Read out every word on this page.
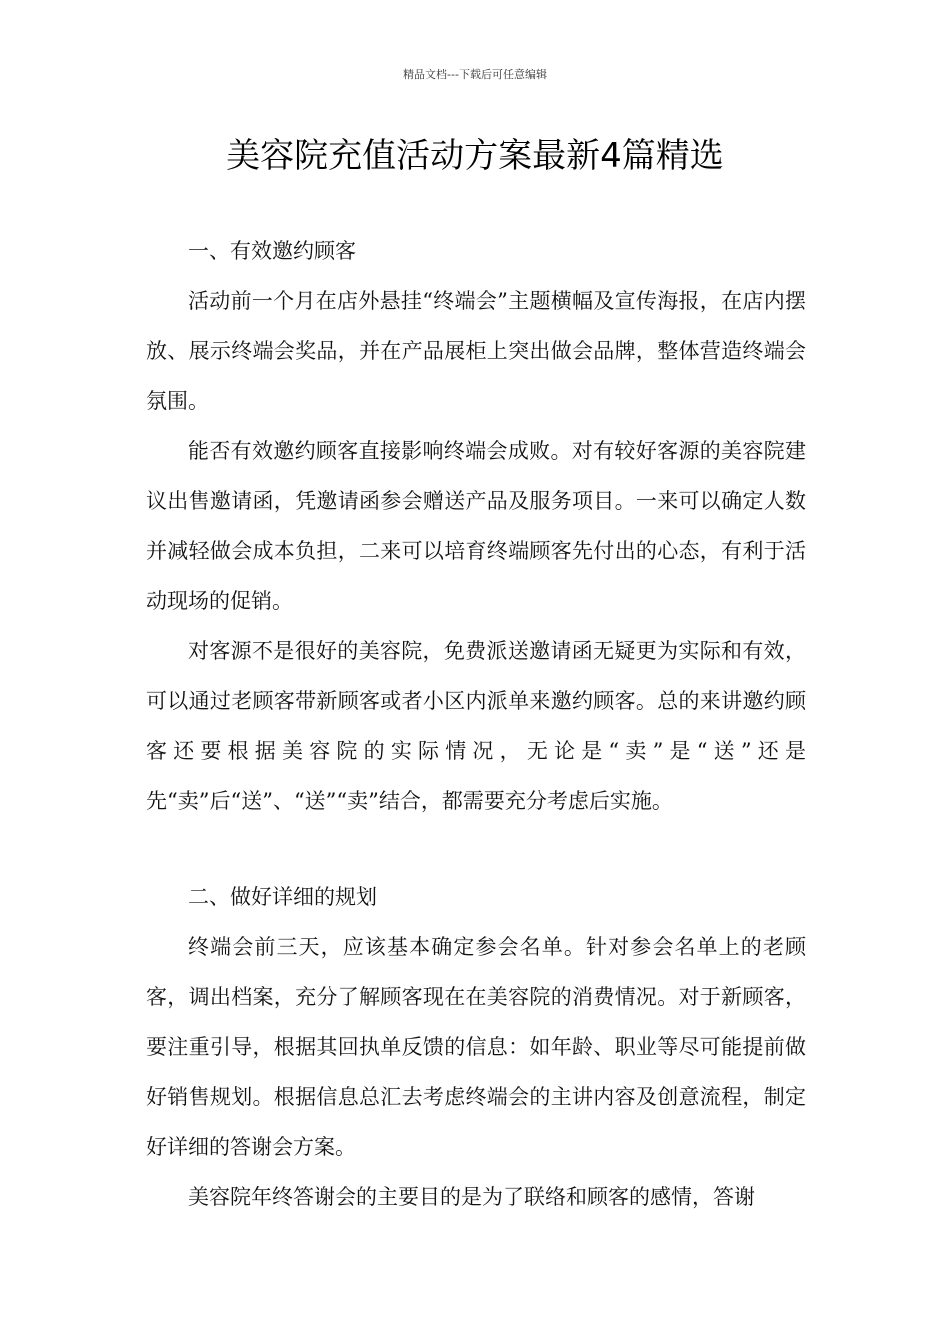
精品文档---下载后可任意编辑
美容院充值活动方案最新4篇精选

一、有效邀约顾客

活动前一个月在店外悬挂“终端会”主题横幅及宣传海报，在店内摆放、展示终端会奖品，并在产品展柜上突出做会品牌，整体营造终端会氛围。

能否有效邀约顾客直接影响终端会成败。对有较好客源的美容院建议出售邀请函，凭邀请函参会赠送产品及服务项目。一来可以确定人数并减轻做会成本负担，二来可以培育终端顾客先付出的心态，有利于活动现场的促销。

对客源不是很好的美容院，免费派送邀请函无疑更为实际和有效，可以通过老顾客带新顾客或者小区内派单来邀约顾客。总的来讲邀约顾客还要根据美容院的实际情况，无论是“卖”是“送”还是先“卖”后“送”、“送”“卖”结合，都需要充分考虑后实施。

二、做好详细的规划

终端会前三天，应该基本确定参会名单。针对参会名单上的老顾客，调出档案，充分了解顾客现在在美容院的消费情况。对于新顾客，要注重引导，根据其回执单反馈的信息：如年龄、职业等尽可能提前做好销售规划。根据信息总汇去考虑终端会的主讲内容及创意流程，制定好详细的答谢会方案。

美容院年终答谢会的主要目的是为了联络和顾客的感情，答谢
